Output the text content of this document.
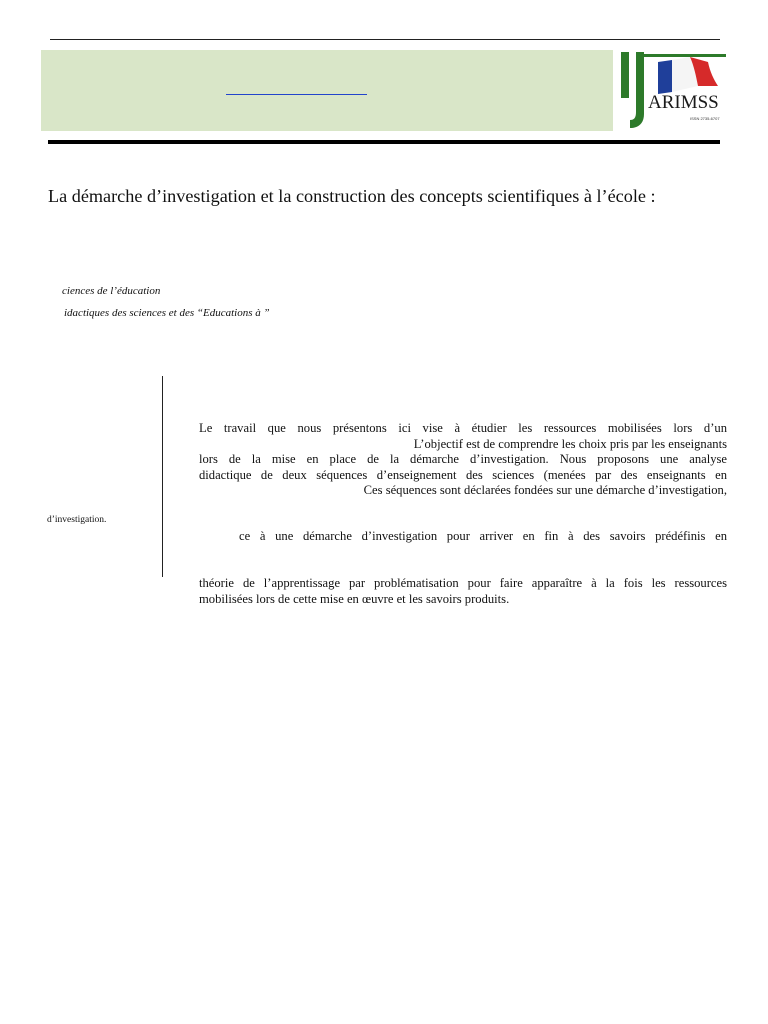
ARIMSS
ISSN 2735-6707
La démarche d’investigation et la construction des concepts scientifiques à l’école :
ciences de l’éducation
idactiques des sciences et des “Educations à ”
d’investigation.
Le travail que nous présentons ici vise à étudier les ressources mobilisées lors d’un
L’objectif est de comprendre les choix pris par les enseignants
lors de la mise en place de la démarche d’investigation. Nous proposons une analyse
didactique de deux séquences d’enseignement des sciences (menées par des enseignants en
Ces séquences sont déclarées fondées sur une démarche d’investigation,
ce à une démarche d’investigation pour arriver en fin à des savoirs prédéfinis en
théorie de l’apprentissage par problématisation pour faire apparaître à la fois les ressources
mobilisées lors de cette mise en œuvre et les savoirs produits.
